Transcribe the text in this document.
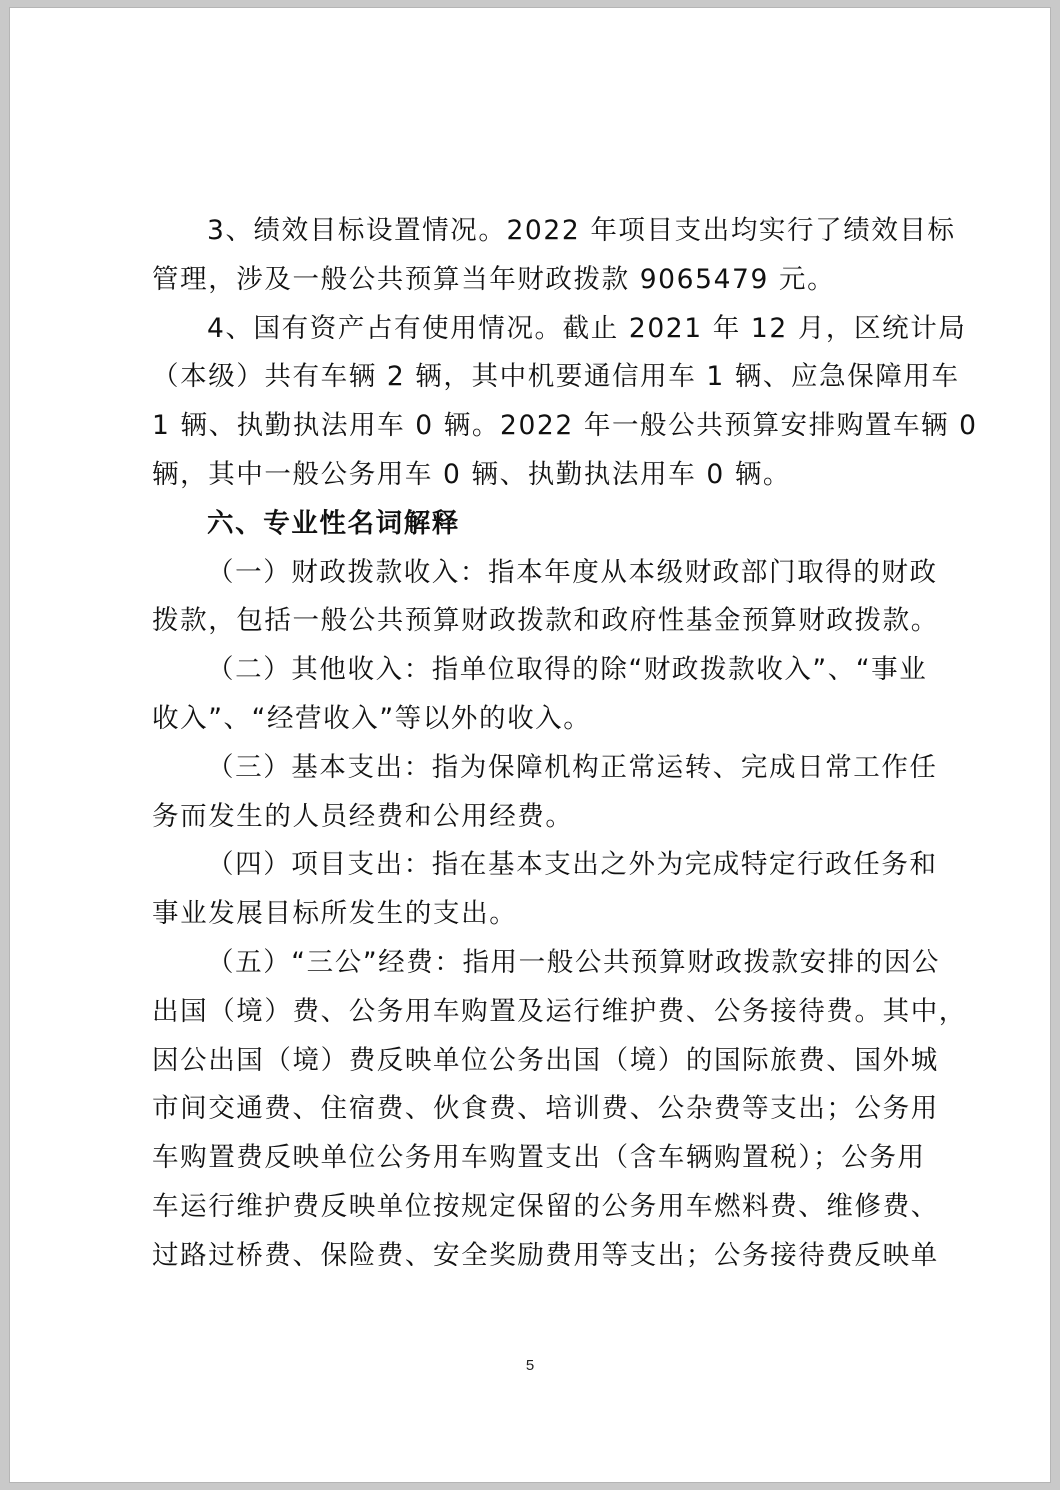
3、绩效目标设置情况。2022 年项目支出均实行了绩效目标
管理，涉及一般公共预算当年财政拨款 9065479 元。
4、国有资产占有使用情况。截止 2021 年 12 月，区统计局
（本级）共有车辆 2 辆，其中机要通信用车 1 辆、应急保障用车
1 辆、执勤执法用车 0 辆。2022 年一般公共预算安排购置车辆 0
辆，其中一般公务用车 0 辆、执勤执法用车 0 辆。
六、专业性名词解释
（一）财政拨款收入：指本年度从本级财政部门取得的财政
拨款，包括一般公共预算财政拨款和政府性基金预算财政拨款。
（二）其他收入：指单位取得的除“财政拨款收入”、“事业
收入”、“经营收入”等以外的收入。
（三）基本支出：指为保障机构正常运转、完成日常工作任
务而发生的人员经费和公用经费。
（四）项目支出：指在基本支出之外为完成特定行政任务和
事业发展目标所发生的支出。
（五）“三公”经费：指用一般公共预算财政拨款安排的因公
出国（境）费、公务用车购置及运行维护费、公务接待费。其中，
因公出国（境）费反映单位公务出国（境）的国际旅费、国外城
市间交通费、住宿费、伙食费、培训费、公杂费等支出；公务用
车购置费反映单位公务用车购置支出（含车辆购置税）；公务用
车运行维护费反映单位按规定保留的公务用车燃料费、维修费、
过路过桥费、保险费、安全奖励费用等支出；公务接待费反映单
5
